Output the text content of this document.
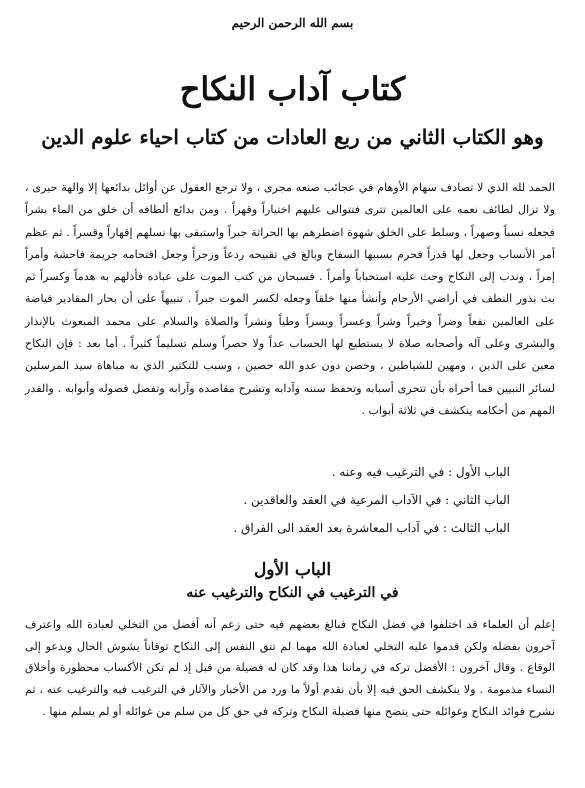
بسم الله الرحمن الرحيم
كتاب آداب النكاح
وهو الكتاب الثاني من ربع العادات من كتاب احياء علوم الدين

الحمد لله الذي لا تصادف سهام الأوهام في عجائب صنعه مجرى ، ولا ترجع العقول عن أوائل بدائعها إلا والهة حيرى ، ولا تزال لطائف نعمه على العالمين تترى فتتوالى عليهم اختياراً وقهراً . ومن بدائع ألطافه أن خلق من الماء بشراً فجعله نسباً وصهراً ، وسلط على الخلق شهوة اضطرهم بها الحراثة جبراً واستبقى بها نسلهم إقهاراً وقسراً . ثم عظم أمر الأنساب وجعل لها قدراً فحرم بسببها السفاح وبالغ في تقبيحه ردعاً وزجراً وجعل اقتحامه جريمة فاحشة وأمراً إمراً ، وندب إلى النكاح وحث عليه استحباباً وأمراً . فسبحان من كتب الموت على عباده فأذلهم به هدماً وكسراً ثم بث بذور النطف في أراضي الأرحام وأنشأ منها خلقاً وجعله لكسر الموت جبراً . تنبيهاً على أن بحار المقادير فياضة على العالمين نفعاً وضراً وخيراً وشراً وعسراً ويسراً وطياً ونشراً والصلاة والسلام على محمد المبعوث بالإنذار والبشرى وعلى آله وأصحابه صلاة لا يستطيع لها الحساب عداً ولا حصراً وسلم تسليماً كثيراً . أما بعد : فإن النكاح معين على الدين ، ومهين للشياطين ، وحصن دون عدو الله حصين ، وسبب للتكثير الذي به مباهاة سيد المرسلين لسائر النبيين فما أحراه بأن تتحرى أسبابه وتحفظ سننه وآدابه وتشرح مقاصده وآرابه وتفصل فصوله وأبوابه . والقدر المهم من أحكامه ينكشف في ثلاثة أبواب .

الباب الأول : في الترغيب فيه وعنه .
الباب الثاني : في الآداب المرعية في العقد والعاقدين .
الباب الثالث : في آداب المعاشرة بعد العقد الى الفراق .
الباب الأول
في الترغيب في النكاح والترغيب عنه

إعلم أن العلماء قد اختلفوا في فضل النكاح فبالغ بعضهم فيه حتى زعم أنه أفضل من التخلي لعبادة الله واعترف آخرون بفضله ولكن قدموا عليه التخلي لعبادة الله مهما لم تتق النفس إلى النكاح توقاناً يشوش الحال ويدعو إلى الوقاع . وقال آخرون : الأفضل تركه في زماننا هذا وقد كان له فضيلة من قبل إذ لم تكن الأكساب محظورة وأخلاق النساء مذمومة . ولا ينكشف الحق فيه إلا بأن نقدم أولاً ما ورد من الأخبار والآثار في الترغيب فيه والترغيب عنه ، ثم نشرح فوائد النكاح وغوائله حتى يتضح منها فضيلة النكاح وتركه في حق كل من سلم من غوائله أو لم يسلم منها .
